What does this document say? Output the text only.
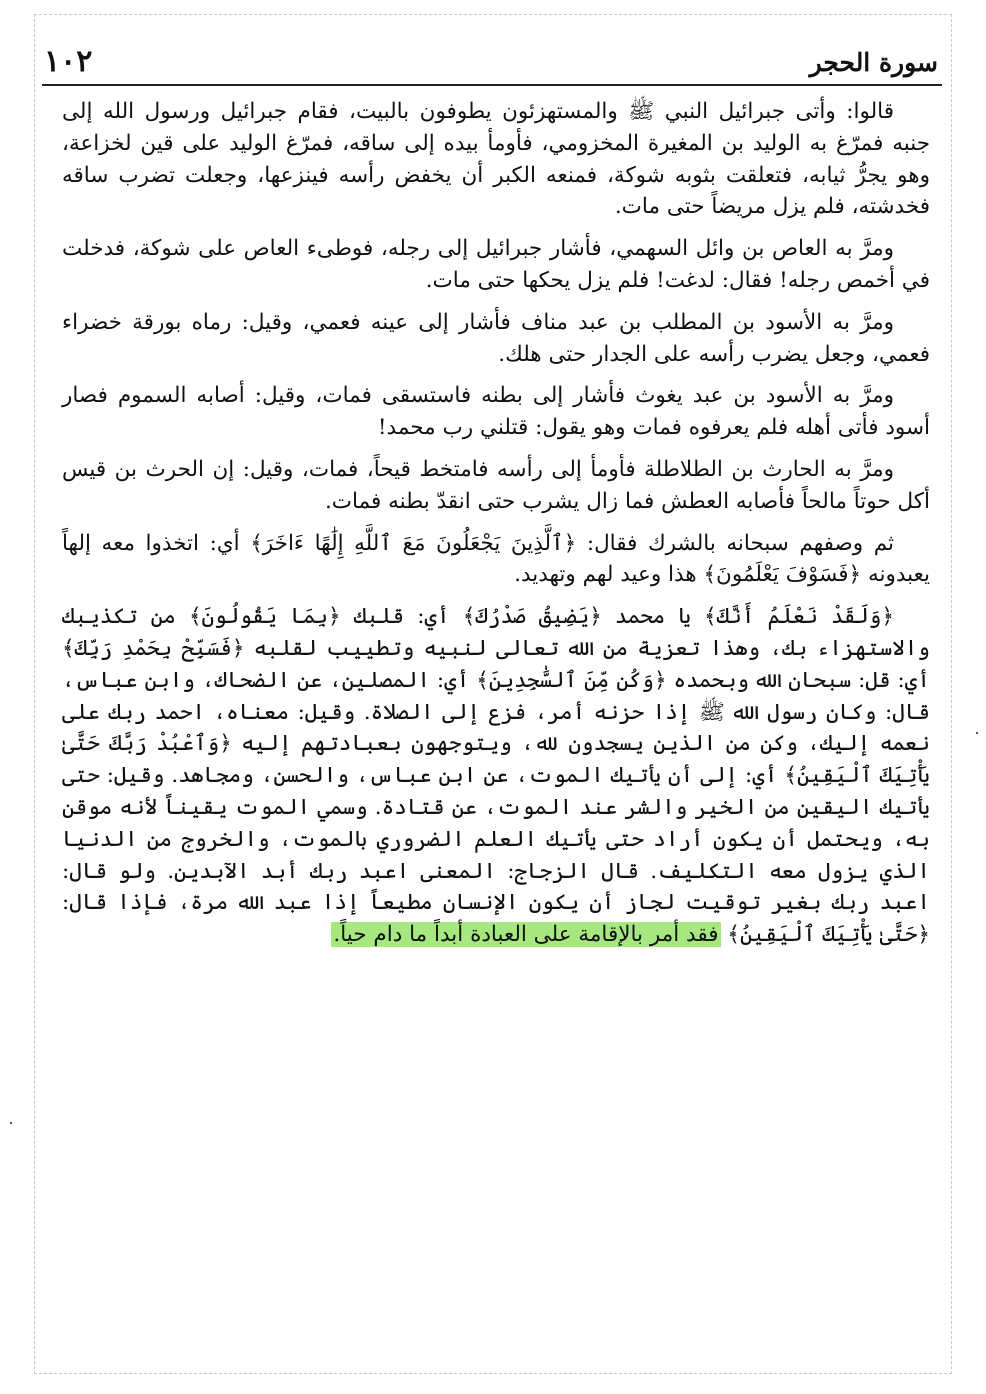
سورة الحجر
١٠٢

قالوا: وأتى جبرائيل النبي ﷺ والمستهزئون يطوفون بالبيت، فقام جبرائيل ورسول الله إلى جنبه فمرّغ به الوليد بن المغيرة المخزومي، فأومأ بيده إلى ساقه، فمرّغ الوليد على قين لخزاعة، وهو يجرُّ ثيابه، فتعلقت بثوبه شوكة، فمنعه الكبر أن يخفض رأسه فينزعها، وجعلت تضرب ساقه فخدشته، فلم يزل مريضاً حتى مات.

ومرَّ به العاص بن وائل السهمي، فأشار جبرائيل إلى رجله، فوطىء العاص على شوكة، فدخلت في أخمص رجله! فقال: لدغت! فلم يزل يحكها حتى مات.

ومرَّ به الأسود بن المطلب بن عبد مناف فأشار إلى عينه فعمي، وقيل: رماه بورقة خضراء فعمي، وجعل يضرب رأسه على الجدار حتى هلك.

ومرَّ به الأسود بن عبد يغوث فأشار إلى بطنه فاستسقى فمات، وقيل: أصابه السموم فصار أسود فأتى أهله فلم يعرفوه فمات وهو يقول: قتلني رب محمد!

ومرَّ به الحارث بن الطلاطلة فأومأ إلى رأسه فامتخط قيحاً، فمات، وقيل: إن الحرث بن قيس أكل حوتاً مالحاً فأصابه العطش فما زال يشرب حتى انقدّ بطنه فمات.

ثم وصفهم سبحانه بالشرك فقال: ﴿ٱلَّذِينَ يَجْعَلُونَ مَعَ ٱللَّهِ إِلَٰهًا ءَاخَرَ﴾ أي: اتخذوا معه إلهاً يعبدونه ﴿فَسَوْفَ يَعْلَمُونَ﴾ هذا وعيد لهم وتهديد.

﴿وَلَقَدْ نَعْلَمُ أَنَّكَ﴾ يا محمد ﴿يَضِيقُ صَدْرُكَ﴾ أي: قلبك ﴿بِمَا يَقُولُونَ﴾ من تكذيبك والاستهزاء بك، وهذا تعزية من الله تعالى لنبيه وتطييب لقلبه ﴿فَسَبِّحْ بِحَمْدِ رَبِّكَ﴾ أي: قل: سبحان الله وبحمده ﴿وَكُن مِّنَ ٱلسَّٰجِدِينَ﴾ أي: المصلين، عن الضحاك، وابن عباس، قال: وكان رسول الله ﷺ إذا حزنه أمر، فزع إلى الصلاة. وقيل: معناه، احمد ربك على نعمه إليك، وكن من الذين يسجدون لله، ويتوجهون بعبادتهم إليه ﴿وَٱعْبُدْ رَبَّكَ حَتَّىٰ يَأْتِيَكَ ٱلْيَقِينُ﴾ أي: إلى أن يأتيك الموت، عن ابن عباس، والحسن، ومجاهد. وقيل: حتى يأتيك اليقين من الخير والشر عند الموت، عن قتادة. وسمي الموت يقيناً لأنه موقن به، ويحتمل أن يكون أراد حتى يأتيك العلم الضروري بالموت، والخروج من الدنيا الذي يزول معه التكليف. قال الزجاج: المعنى اعبد ربك أبد الآبدين. ولو قال: اعبد ربك بغير توقيت لجاز أن يكون الإنسان مطيعاً إذا عبد الله مرة، فإذا قال: ﴿حَتَّىٰ يَأْتِيَكَ ٱلْيَقِينُ﴾ فقد أمر بالإقامة على العبادة أبداً ما دام حياً.
